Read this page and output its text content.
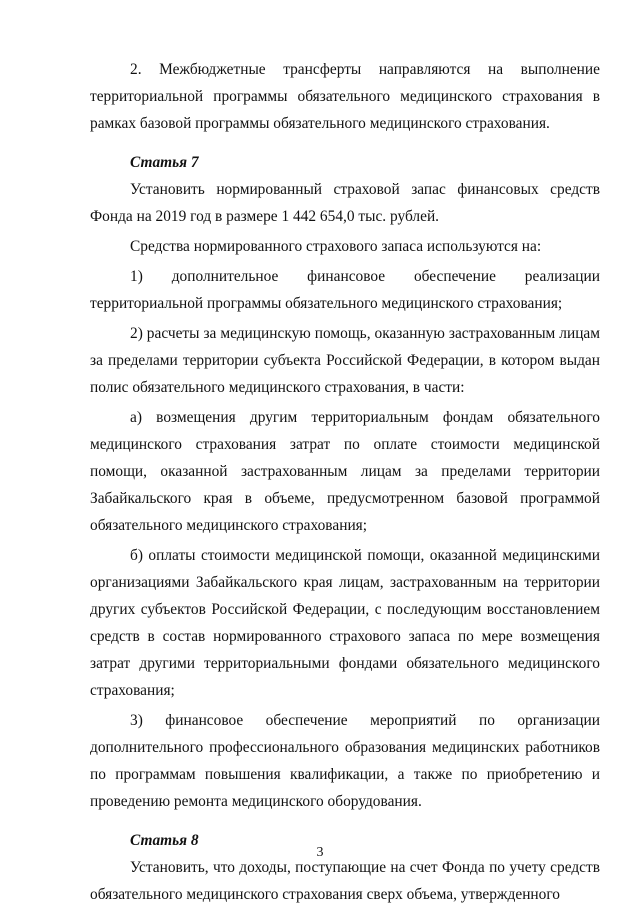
2. Межбюджетные трансферты направляются на выполнение территориальной программы обязательного медицинского страхования в рамках базовой программы обязательного медицинского страхования.

Статья 7

Установить нормированный страховой запас финансовых средств Фонда на 2019 год в размере 1 442 654,0 тыс. рублей.

Средства нормированного страхового запаса используются на:

1) дополнительное финансовое обеспечение реализации территориальной программы обязательного медицинского страхования;

2) расчеты за медицинскую помощь, оказанную застрахованным лицам за пределами территории субъекта Российской Федерации, в котором выдан полис обязательного медицинского страхования, в части:

а) возмещения другим территориальным фондам обязательного медицинского страхования затрат по оплате стоимости медицинской помощи, оказанной застрахованным лицам за пределами территории Забайкальского края в объеме, предусмотренном базовой программой обязательного медицинского страхования;

б) оплаты стоимости медицинской помощи, оказанной медицинскими организациями Забайкальского края лицам, застрахованным на территории других субъектов Российской Федерации, с последующим восстановлением средств в состав нормированного страхового запаса по мере возмещения затрат другими территориальными фондами обязательного медицинского страхования;

3) финансовое обеспечение мероприятий по организации дополнительного профессионального образования медицинских работников по программам повышения квалификации, а также по приобретению и проведению ремонта медицинского оборудования.

Статья 8

Установить, что доходы, поступающие на счет Фонда по учету средств обязательного медицинского страхования сверх объема, утвержденного

3
